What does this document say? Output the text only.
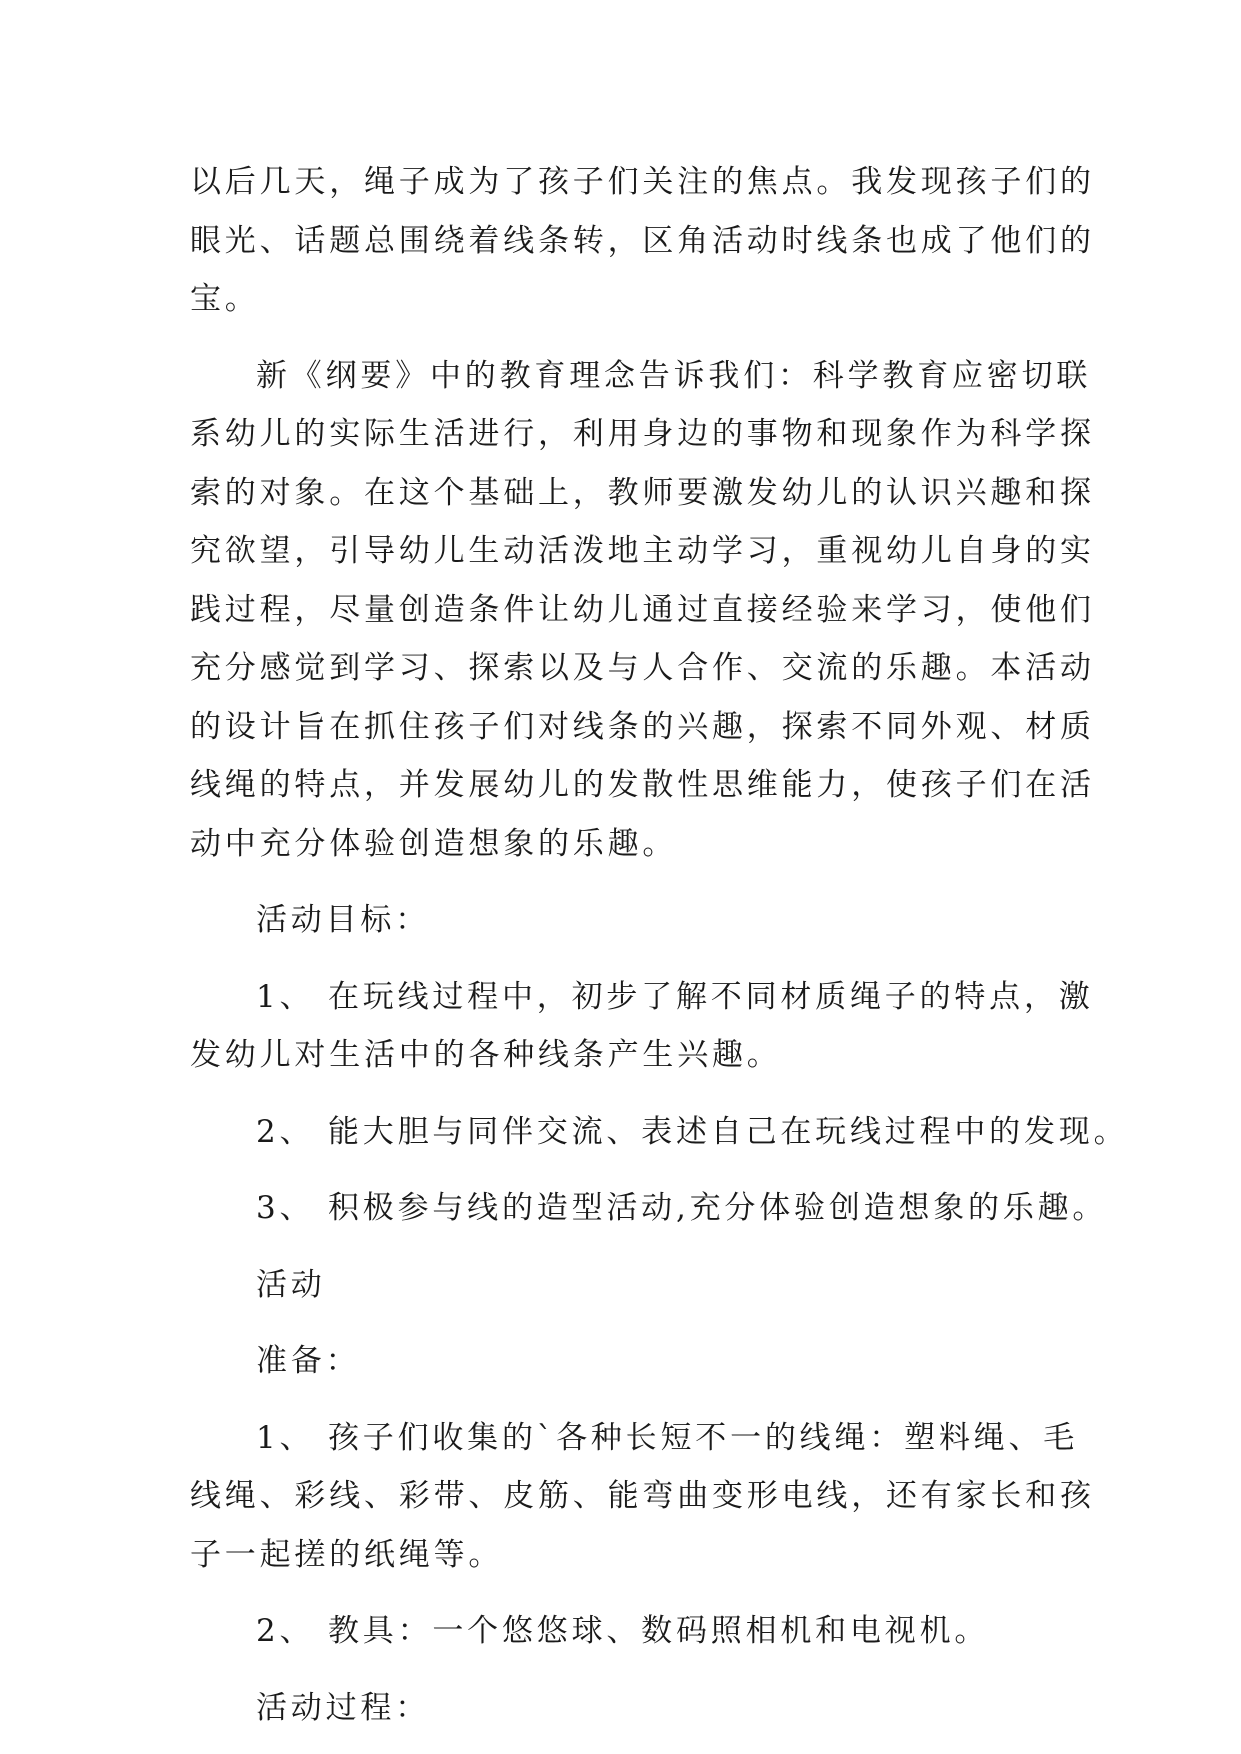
以后几天，绳子成为了孩子们关注的焦点。我发现孩子们的
眼光、话题总围绕着线条转，区角活动时线条也成了他们的
宝。
新《纲要》中的教育理念告诉我们：科学教育应密切联
系幼儿的实际生活进行，利用身边的事物和现象作为科学探
索的对象。在这个基础上，教师要激发幼儿的认识兴趣和探
究欲望，引导幼儿生动活泼地主动学习，重视幼儿自身的实
践过程，尽量创造条件让幼儿通过直接经验来学习，使他们
充分感觉到学习、探索以及与人合作、交流的乐趣。本活动
的设计旨在抓住孩子们对线条的兴趣，探索不同外观、材质
线绳的特点，并发展幼儿的发散性思维能力，使孩子们在活
动中充分体验创造想象的乐趣。
活动目标：
1、 在玩线过程中，初步了解不同材质绳子的特点，激
发幼儿对生活中的各种线条产生兴趣。
2、 能大胆与同伴交流、表述自己在玩线过程中的发现。
3、 积极参与线的造型活动,充分体验创造想象的乐趣。
活动
准备：
1、 孩子们收集的`各种长短不一的线绳：塑料绳、毛
线绳、彩线、彩带、皮筋、能弯曲变形电线，还有家长和孩
子一起搓的纸绳等。
2、 教具：一个悠悠球、数码照相机和电视机。
活动过程：
